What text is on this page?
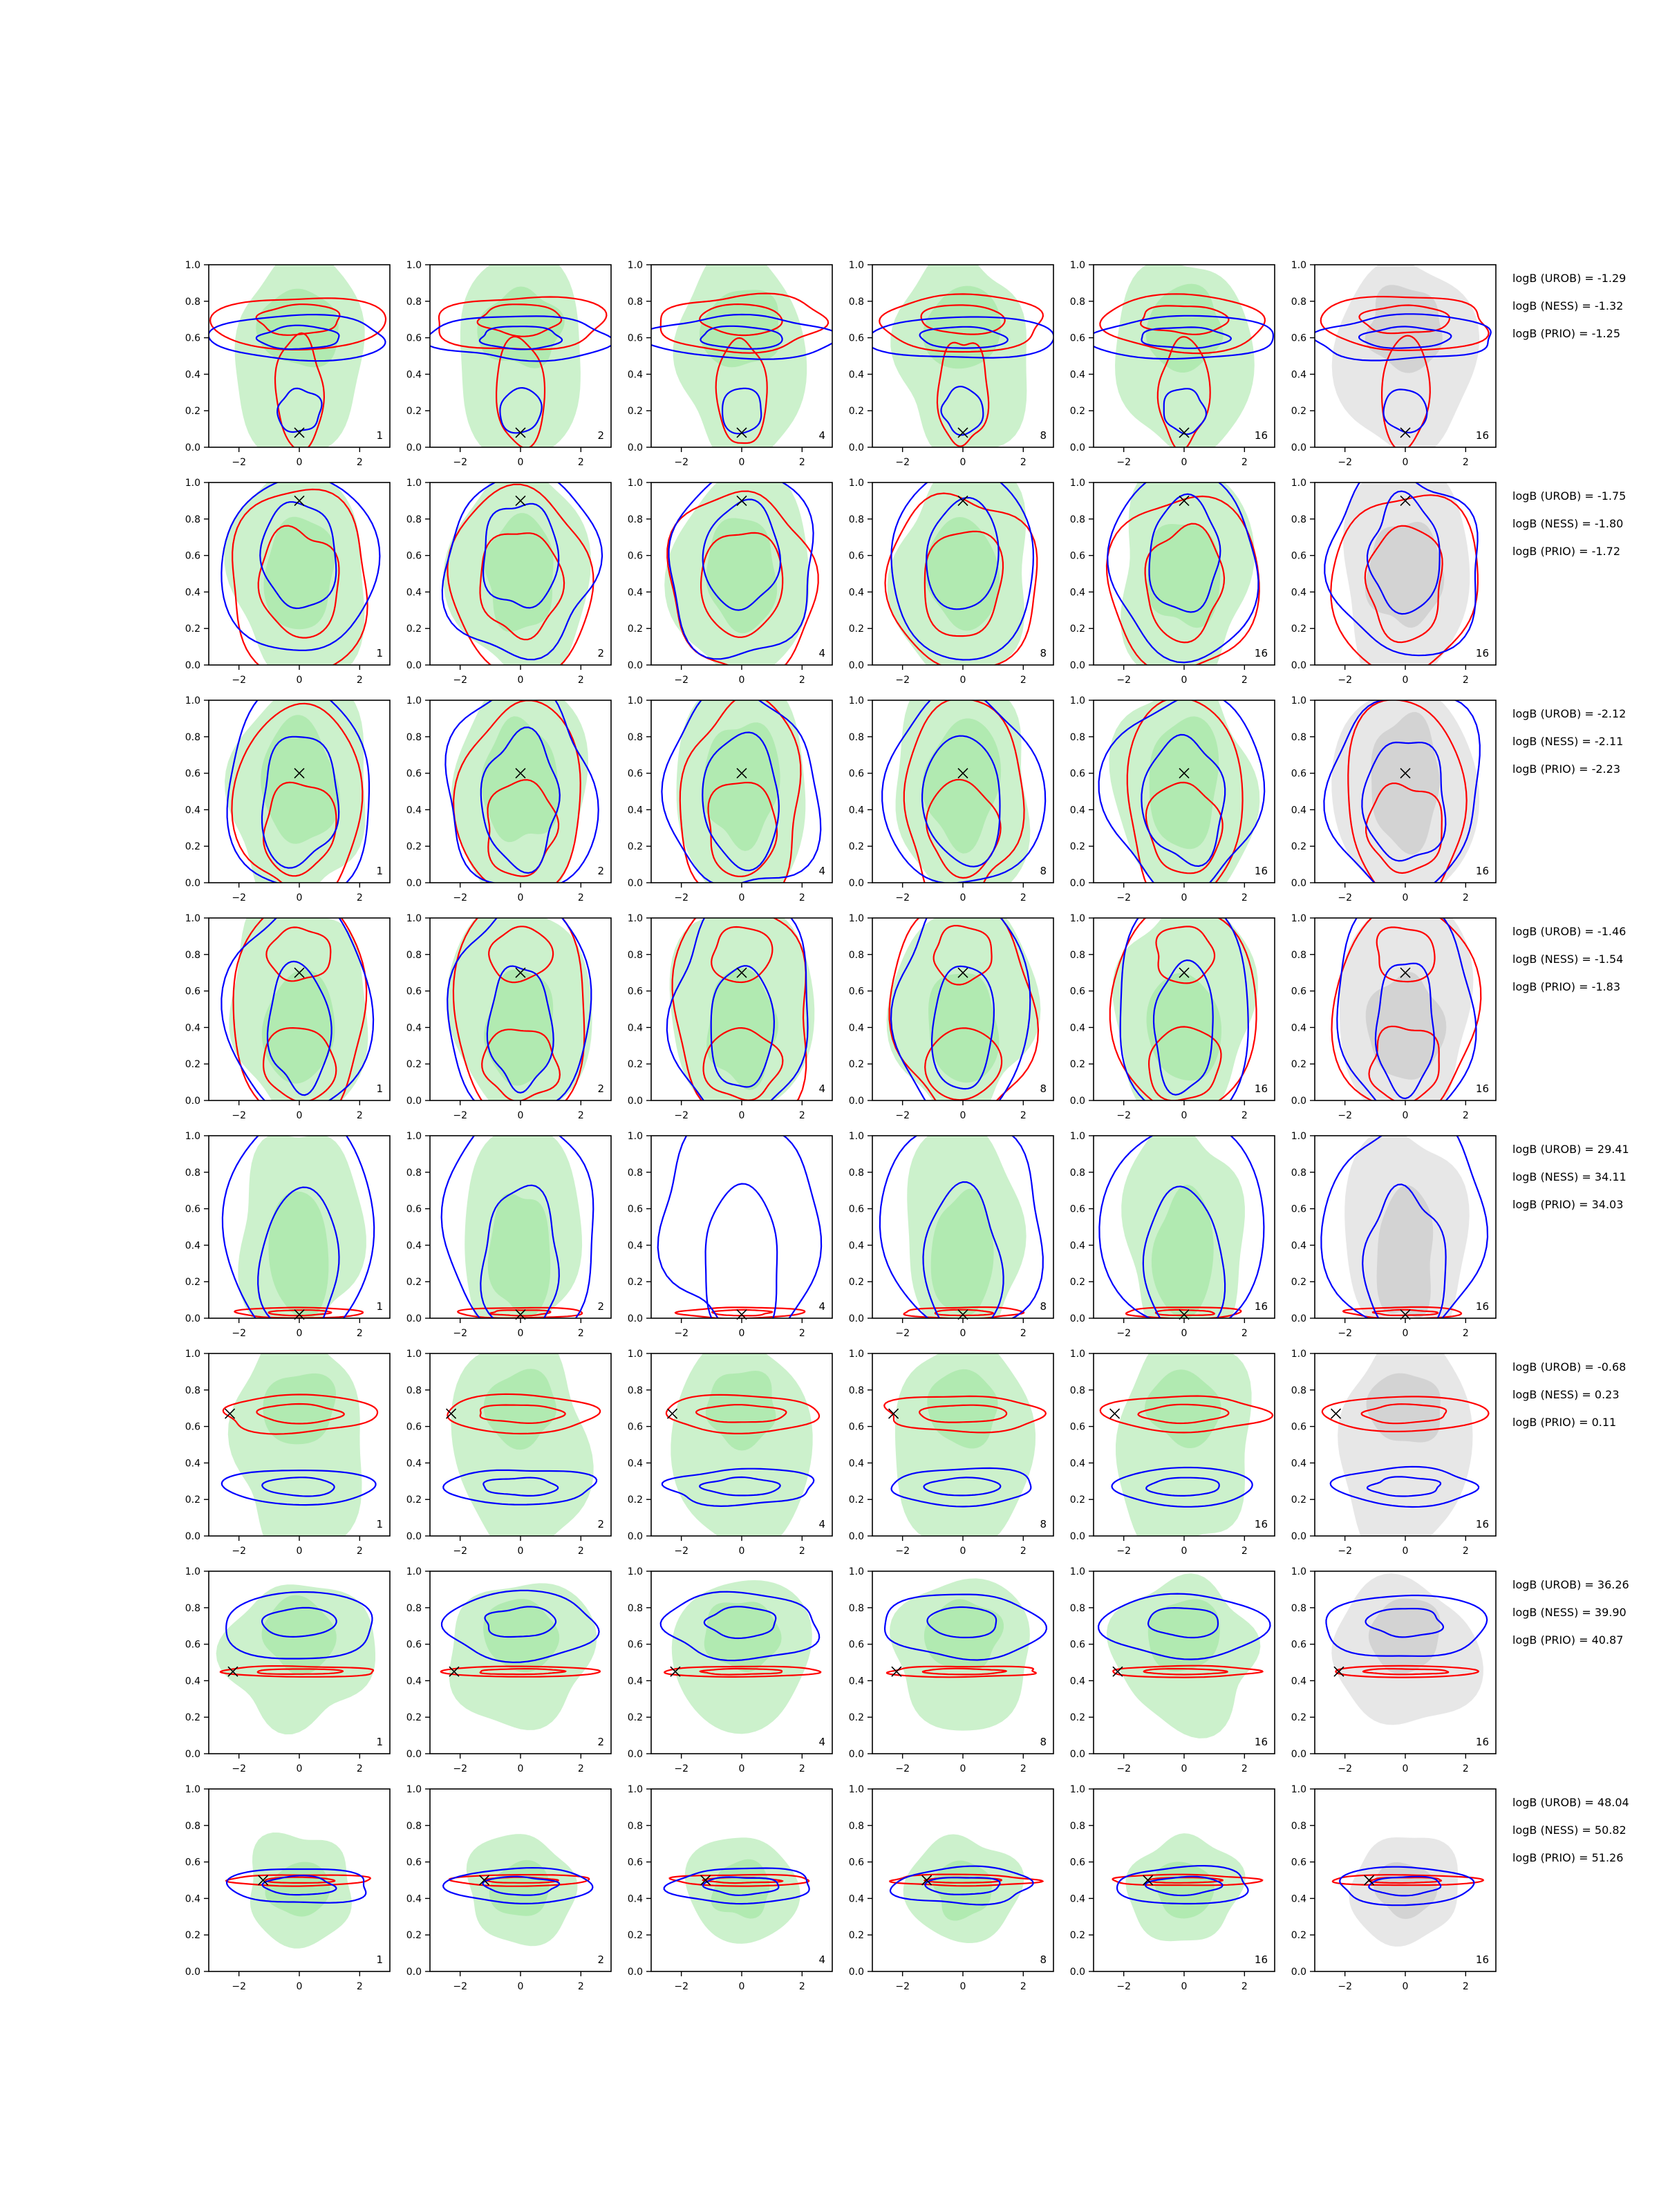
−2	0	2
0.0
0.2
0.4
0.6
0.8
1.0
1
−2	0	2
0.0
0.2
0.4
0.6
0.8
1.0
2
−2	0	2
0.0
0.2
0.4
0.6
0.8
1.0
4
−2	0	2
0.0
0.2
0.4
0.6
0.8
1.0
8
−2	0	2
0.0
0.2
0.4
0.6
0.8
1.0
16
−2	0	2
0.0
0.2
0.4
0.6
0.8
1.0
16
−2	0	2
0.0
0.2
0.4
0.6
0.8
1.0
1
−2	0	2
0.0
0.2
0.4
0.6
0.8
1.0
2
−2	0	2
0.0
0.2
0.4
0.6
0.8
1.0
4
−2	0	2
0.0
0.2
0.4
0.6
0.8
1.0
8
−2	0	2
0.0
0.2
0.4
0.6
0.8
1.0
16
−2	0	2
0.0
0.2
0.4
0.6
0.8
1.0
16
−2	0	2
0.0
0.2
0.4
0.6
0.8
1.0
1
−2	0	2
0.0
0.2
0.4
0.6
0.8
1.0
2
−2	0	2
0.0
0.2
0.4
0.6
0.8
1.0
4
−2	0	2
0.0
0.2
0.4
0.6
0.8
1.0
8
−2	0	2
0.0
0.2
0.4
0.6
0.8
1.0
16
−2	0	2
0.0
0.2
0.4
0.6
0.8
1.0
16
−2	0	2
0.0
0.2
0.4
0.6
0.8
1.0
1
−2	0	2
0.0
0.2
0.4
0.6
0.8
1.0
2
−2	0	2
0.0
0.2
0.4
0.6
0.8
1.0
4
−2	0	2
0.0
0.2
0.4
0.6
0.8
1.0
8
−2	0	2
0.0
0.2
0.4
0.6
0.8
1.0
16
−2	0	2
0.0
0.2
0.4
0.6
0.8
1.0
16
−2	0	2
0.0
0.2
0.4
0.6
0.8
1.0
1
−2	0	2
0.0
0.2
0.4
0.6
0.8
1.0
2
−2	0	2
0.0
0.2
0.4
0.6
0.8
1.0
4
−2	0	2
0.0
0.2
0.4
0.6
0.8
1.0
8
−2	0	2
0.0
0.2
0.4
0.6
0.8
1.0
16
−2	0	2
0.0
0.2
0.4
0.6
0.8
1.0
16
−2	0	2
0.0
0.2
0.4
0.6
0.8
1.0
1
−2	0	2
0.0
0.2
0.4
0.6
0.8
1.0
2
−2	0	2
0.0
0.2
0.4
0.6
0.8
1.0
4
−2	0	2
0.0
0.2
0.4
0.6
0.8
1.0
8
−2	0	2
0.0
0.2
0.4
0.6
0.8
1.0
16
−2	0	2
0.0
0.2
0.4
0.6
0.8
1.0
16
−2	0	2
0.0
0.2
0.4
0.6
0.8
1.0
1
−2	0	2
0.0
0.2
0.4
0.6
0.8
1.0
2
−2	0	2
0.0
0.2
0.4
0.6
0.8
1.0
4
−2	0	2
0.0
0.2
0.4
0.6
0.8
1.0
8
−2	0	2
0.0
0.2
0.4
0.6
0.8
1.0
16
−2	0	2
0.0
0.2
0.4
0.6
0.8
1.0
16
−2	0	2
0.0
0.2
0.4
0.6
0.8
1.0
1
−2	0	2
0.0
0.2
0.4
0.6
0.8
1.0
2
−2	0	2
0.0
0.2
0.4
0.6
0.8
1.0
4
−2	0	2
0.0
0.2
0.4
0.6
0.8
1.0
8
−2	0	2
0.0
0.2
0.4
0.6
0.8
1.0
16
−2	0	2
0.0
0.2
0.4
0.6
0.8
1.0
16
logB (UROB) = -1.29
logB (NESS) = -1.32
logB (PRIO) = -1.25
logB (UROB) = -1.75
logB (NESS) = -1.80
logB (PRIO) = -1.72
logB (UROB) = -2.12
logB (NESS) = -2.11
logB (PRIO) = -2.23
logB (UROB) = -1.46
logB (NESS) = -1.54
logB (PRIO) = -1.83
logB (UROB) = 29.41
logB (NESS) = 34.11
logB (PRIO) = 34.03
logB (UROB) = -0.68
logB (NESS) = 0.23
logB (PRIO) = 0.11
logB (UROB) = 36.26
logB (NESS) = 39.90
logB (PRIO) = 40.87
logB (UROB) = 48.04
logB (NESS) = 50.82
logB (PRIO) = 51.26
